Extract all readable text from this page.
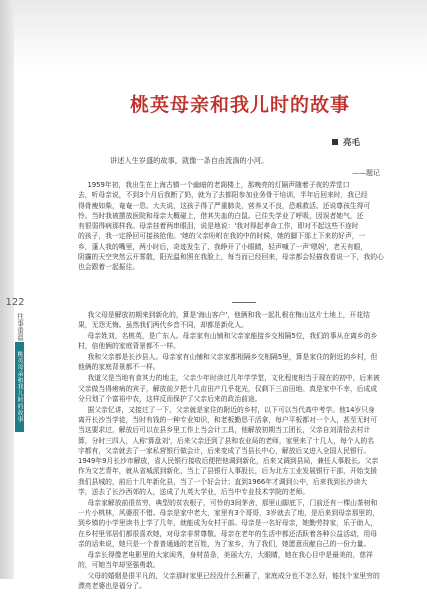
122
往事重温
桃英母亲和我儿时的故事
桃英母亲和我儿时的故事
亮毛
讲述人生岁盛的故事，就像一条自由流淌的小河。
——题记

1959年初，我出生在上海古镇一个幽暗的老阁楼上，那晚亮的灯隔声随着子夜的弄堂口

去，听母亲说，不到3个月后我断了奶，就为了去都阳参加业务骨干培训，半年后回来时，我已经

得骨瘦如柴，奄奄一息。大夫说，这孩子得了严重肺炎，营养又不良，恐难救活。还说尊孩生得可

怜。当时我被摆放医院和母亲大概碰上，借其失血的白鼠。已住失学业了呼吸，因误者她气，还

有很弱得病那样我。母亲挂着两串眼泪，说是地说：'我对得起孝命工作，即对不起这些不连时

的孩子，我一定挣回可接孩抢他。'她的父亲吩咐在我的中的时候，她的脚下那上下来的好声，一

乡，蓬人我的嘴里，两小时后，奇迹发生了，我睁开了小眼睛，轻声喊了一声'嗯妈'，老天有眼，

阴霾的天空突然云开雾散，阳光温和照在我脸上，每当而已经回来，母亲都会轻描我看说一下，我的心

也会跟着一起振往。

我父母是解放初期来到新化的，算是'海山客户'，他俩和我一起扎根在梅山这片土地上，开花结果，无怨无悔。虽然我们两代乡音不同，却都是新化人。

母亲姓刘，名桃英，是广东人。母亲家有山铺和父亲家能接乡交相隔5位，我们的事从在离乡的乡村，倍他俩的家庭背景都不一样。

我和父亲都是长沙县人。母亲家有山铺和父亲家都相隔乡交相隔5里，算是家住的附近的乡村，但他俩的家庭背景都不一样。

我道父是当地有食其力的地主，父亲少年时读过几年学学堂，文化程度相当于现在的初中，后来被父亲做当得痨病的宾子，解放前夕把十几亩田产几乎花光，仅剩下三亩田地。真是家中不幸，后成成分只划了个富裕中农，这样反而保护了父亲后来的政治前途。

据父亲忆讲，又接过了一下，父亲就是家住的附近的乡村，以下可以当代高中考学。他14岁只身离开长沙当学徒，当时有钱的一种专业知识，和老板勤恳干活拿，每户平板都对一个人，甚至无时可当这要求过，解放后可以在县乡里工作上当会计工具，他解放初期当工团长，父亲自刘清拾去村计算，分时三四人，人称'算盘刘'，后来父亲还到了县和农业局的老师，家里来了十几人，每个人的名字都有，父亲就去了一家私营银行做会计，后来变成了当县长中心，解放后又进入全国人民银行。1949年9月长沙市解放，省人民银行接收后便把他调到新化，后来又调到县局，兼任人事股长。父亲作为文艺青年，就从省城派到新化，当上了县银行人事股长，后为北方工业发展银行干部，开始支援我们县城的，前后十几年新化县，当了一个好会计；直到1966年才调到公中，后来我到长沙读大学，送去了长沙西郊的人，送成了九英大学业，后当中专业技术学院的老师。

母亲家解放前很贫穷，典型的贫农根子，可怜的3间茅舍，那里山脚底下，门前还有一棵山茶树和一片小桃林，风婆很不错。母亲是家中老大，家里有3个哥哥，3岁就去了地，是后来到母亲那里的，到乡镇的小学里读书上学了几年，就能成为女村干部。母亲是一名好母亲，她勤劳持家，乐于助人，在乡村里邻居们都很喜欢她，对母亲非常尊敬。母亲在老年的生活中都还活跃着各种公益活动，用母亲的话来说，她只是一个普普通通的老百姓，为了家乡，为了我们，她愿意贡献自己的一份力量。

母亲长得像老电影里的大家闺秀，身材苗条，美丽大方，大眼睛，她在我心目中是最美的，慈祥的，可她当年却坚强勇敢。

父母的婚姻是很平凡的，父亲那时家里已经没什么积蓄了，家庭成分也不怎么好，能找个家里穷的漂亮老婆也是福分了。
